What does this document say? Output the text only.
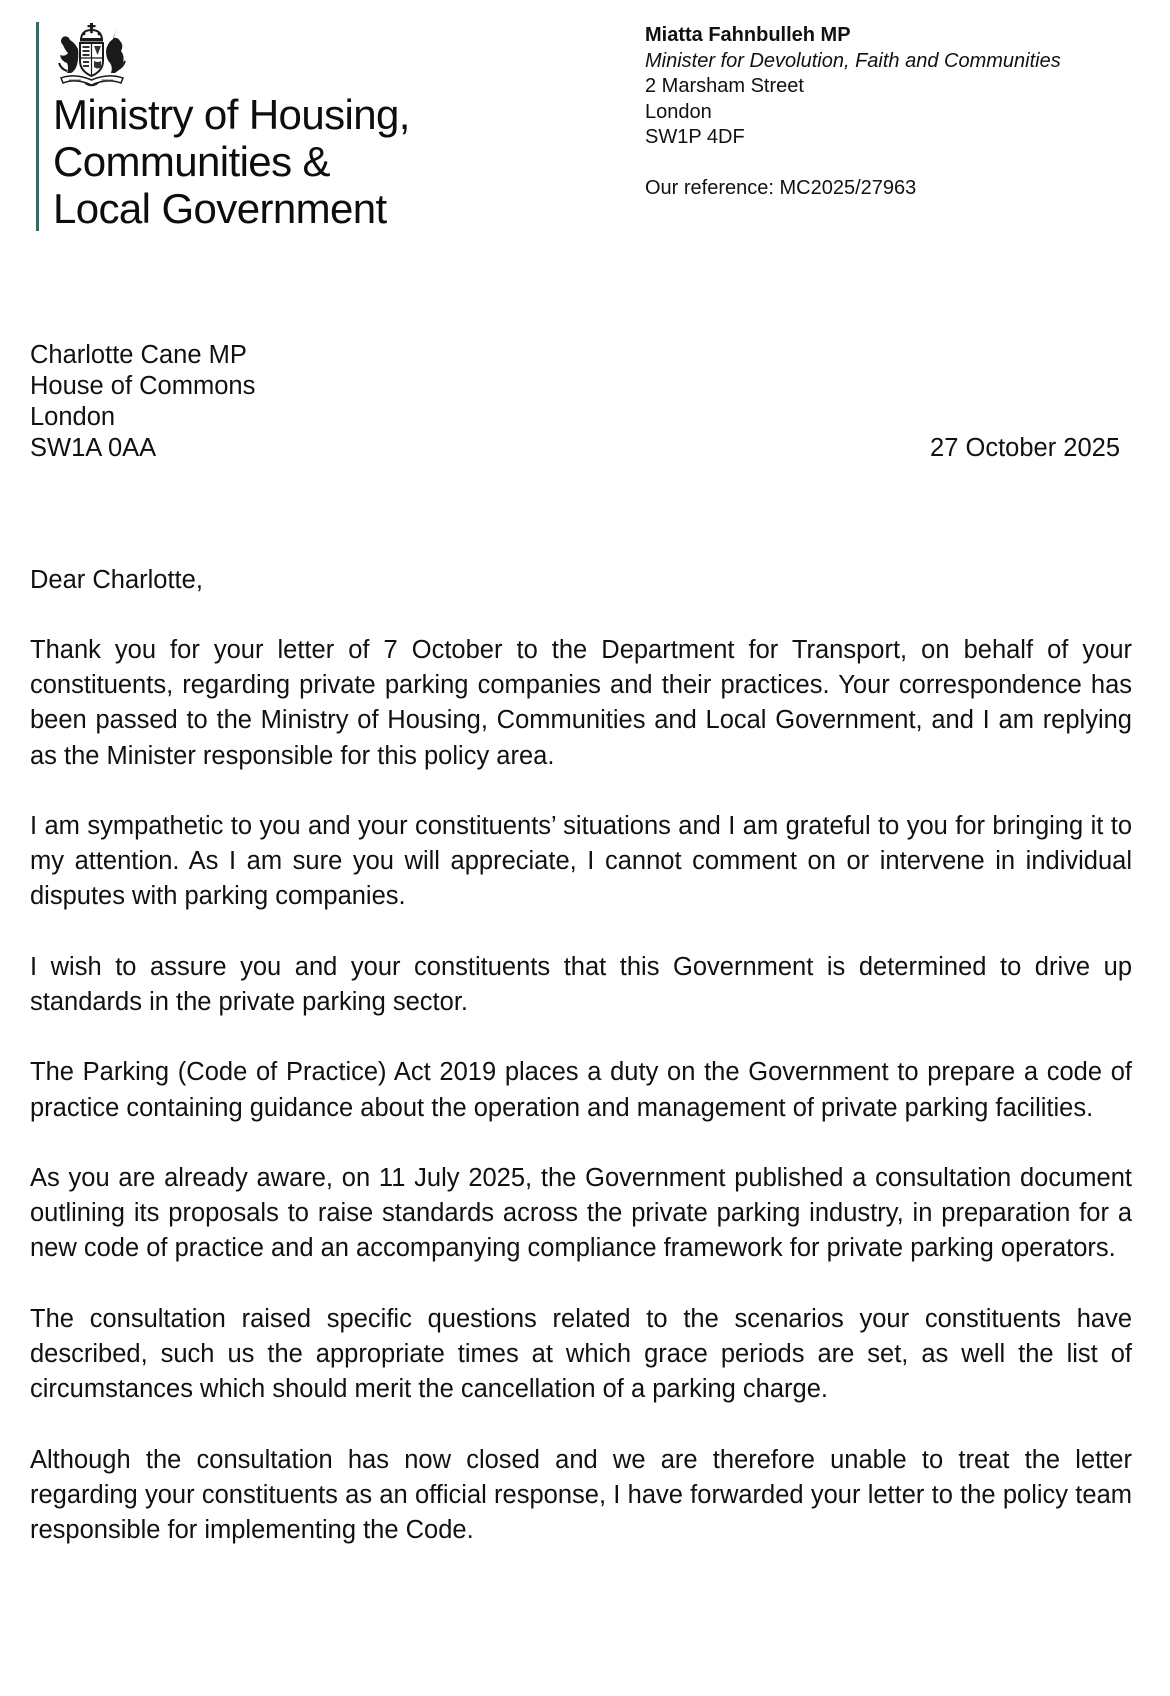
Ministry of Housing,
Communities &
Local Government
Miatta Fahnbulleh MP
Minister for Devolution, Faith and Communities
2 Marsham Street
London
SW1P 4DF
Our reference: MC2025/27963
Charlotte Cane MP
House of Commons
London
SW1A 0AA	27 October 2025
Dear Charlotte,

Thank you for your letter of 7 October to the Department for Transport, on behalf of your constituents, regarding private parking companies and their practices. Your correspondence has been passed to the Ministry of Housing, Communities and Local Government, and I am replying as the Minister responsible for this policy area.

I am sympathetic to you and your constituents’ situations and I am grateful to you for bringing it to my attention. As I am sure you will appreciate, I cannot comment on or intervene in individual disputes with parking companies.

I wish to assure you and your constituents that this Government is determined to drive up standards in the private parking sector.

The Parking (Code of Practice) Act 2019 places a duty on the Government to prepare a code of practice containing guidance about the operation and management of private parking facilities.

As you are already aware, on 11 July 2025, the Government published a consultation document outlining its proposals to raise standards across the private parking industry, in preparation for a new code of practice and an accompanying compliance framework for private parking operators.

The consultation raised specific questions related to the scenarios your constituents have described, such us the appropriate times at which grace periods are set, as well the list of circumstances which should merit the cancellation of a parking charge.

Although the consultation has now closed and we are therefore unable to treat the letter regarding your constituents as an official response, I have forwarded your letter to the policy team responsible for implementing the Code.
